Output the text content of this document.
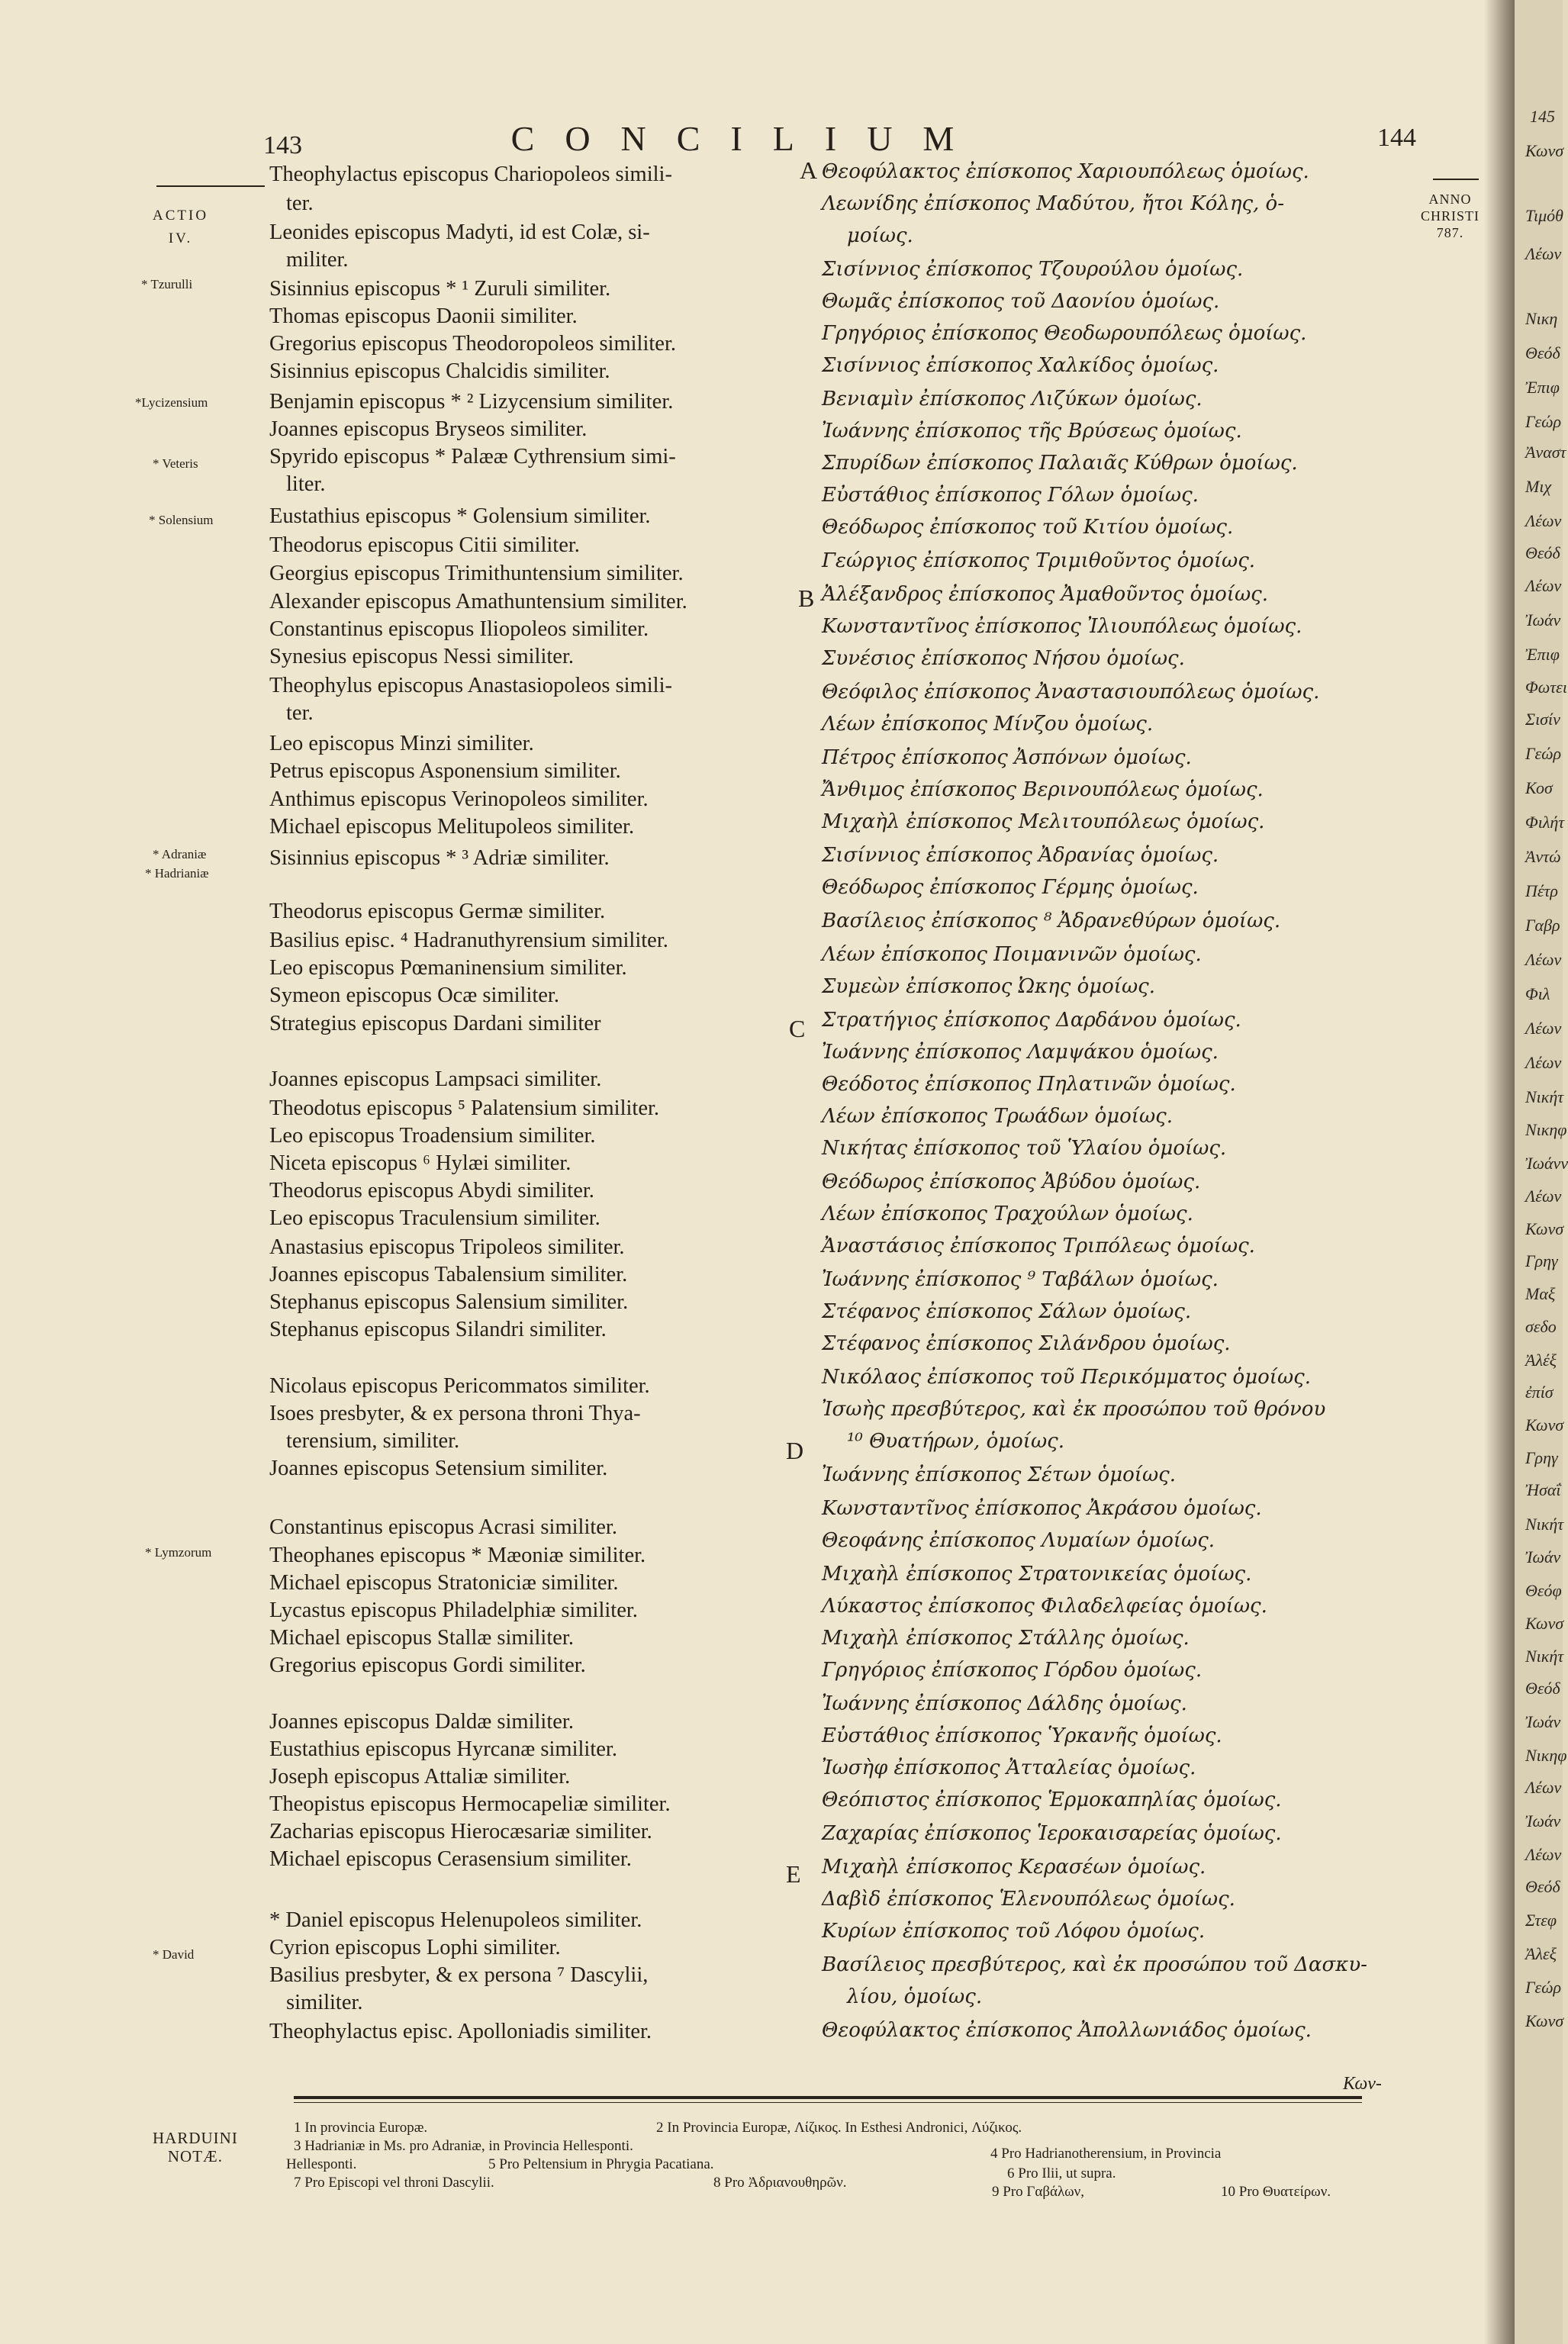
143	CONCILIUM	144
ACTIO
IV.
ANNO
CHRISTI
787.
* Tzurulli
*Lycizensium
* Veteris
* Solensium
* Adraniæ
* Hadrianiæ
* Lymzorum
* David
A
B
C
D
E
Theophylactus episcopus Chariopoleos simili-
ter.
Leonides episcopus Madyti, id est Colæ, si-
militer.
Sisinnius episcopus * ¹ Zuruli similiter.
Thomas episcopus Daonii similiter.
Gregorius episcopus Theodoropoleos similiter.
Sisinnius episcopus Chalcidis similiter.
Benjamin episcopus * ² Lizycensium similiter.
Joannes episcopus Bryseos similiter.
Spyrido episcopus * Palææ Cythrensium simi-
liter.
Eustathius episcopus * Golensium similiter.
Theodorus episcopus Citii similiter.
Georgius episcopus Trimithuntensium similiter.
Alexander episcopus Amathuntensium similiter.
Constantinus episcopus Iliopoleos similiter.
Synesius episcopus Nessi similiter.
Theophylus episcopus Anastasiopoleos simili-
ter.
Leo episcopus Minzi similiter.
Petrus episcopus Asponensium similiter.
Anthimus episcopus Verinopoleos similiter.
Michael episcopus Melitupoleos similiter.
Sisinnius episcopus * ³ Adriæ similiter.
Theodorus episcopus Germæ similiter.
Basilius episc. ⁴ Hadranuthyrensium similiter.
Leo episcopus Pœmaninensium similiter.
Symeon episcopus Ocæ similiter.
Strategius episcopus Dardani similiter
Joannes episcopus Lampsaci similiter.
Theodotus episcopus ⁵ Palatensium similiter.
Leo episcopus Troadensium similiter.
Niceta episcopus ⁶ Hylæi similiter.
Theodorus episcopus Abydi similiter.
Leo episcopus Traculensium similiter.
Anastasius episcopus Tripoleos similiter.
Joannes episcopus Tabalensium similiter.
Stephanus episcopus Salensium similiter.
Stephanus episcopus Silandri similiter.
Nicolaus episcopus Pericommatos similiter.
Isoes presbyter, & ex persona throni Thya-
terensium, similiter.
Joannes episcopus Setensium similiter.
Constantinus episcopus Acrasi similiter.
Theophanes episcopus * Mæoniæ similiter.
Michael episcopus Stratoniciæ similiter.
Lycastus episcopus Philadelphiæ similiter.
Michael episcopus Stallæ similiter.
Gregorius episcopus Gordi similiter.
Joannes episcopus Daldæ similiter.
Eustathius episcopus Hyrcanæ similiter.
Joseph episcopus Attaliæ similiter.
Theopistus episcopus Hermocapeliæ similiter.
Zacharias episcopus Hierocæsariæ similiter.
Michael episcopus Cerasensium similiter.
* Daniel episcopus Helenupoleos similiter.
Cyrion episcopus Lophi similiter.
Basilius presbyter, & ex persona ⁷ Dascylii,
similiter.
Theophylactus episc. Apolloniadis similiter.
Θεοφύλακτος ἐπίσκοπος Χαριουπόλεως ὁμοίως.
Λεωνίδης ἐπίσκοπος Μαδύτου, ἤτοι Κόλης, ὁ-
μοίως.
Σισίννιος ἐπίσκοπος Τζουρούλου ὁμοίως.
Θωμᾶς ἐπίσκοπος τοῦ Δαονίου ὁμοίως.
Γρηγόριος ἐπίσκοπος Θεοδωρουπόλεως ὁμοίως.
Σισίννιος ἐπίσκοπος Χαλκίδος ὁμοίως.
Βενιαμὶν ἐπίσκοπος Λιζύκων ὁμοίως.
Ἰωάννης ἐπίσκοπος τῆς Βρύσεως ὁμοίως.
Σπυρίδων ἐπίσκοπος Παλαιᾶς Κύθρων ὁμοίως.
Εὐστάθιος ἐπίσκοπος Γόλων ὁμοίως.
Θεόδωρος ἐπίσκοπος τοῦ Κιτίου ὁμοίως.
Γεώργιος ἐπίσκοπος Τριμιθοῦντος ὁμοίως.
Ἀλέξανδρος ἐπίσκοπος Ἀμαθοῦντος ὁμοίως.
Κωνσταντῖνος ἐπίσκοπος Ἰλιουπόλεως ὁμοίως.
Συνέσιος ἐπίσκοπος Νήσου ὁμοίως.
Θεόφιλος ἐπίσκοπος Ἀναστασιουπόλεως ὁμοίως.
Λέων ἐπίσκοπος Μίνζου ὁμοίως.
Πέτρος ἐπίσκοπος Ἀσπόνων ὁμοίως.
Ἄνθιμος ἐπίσκοπος Βερινουπόλεως ὁμοίως.
Μιχαὴλ ἐπίσκοπος Μελιτουπόλεως ὁμοίως.
Σισίννιος ἐπίσκοπος Ἀδρανίας ὁμοίως.
Θεόδωρος ἐπίσκοπος Γέρμης ὁμοίως.
Βασίλειος ἐπίσκοπος ⁸ Ἀδρανεθύρων ὁμοίως.
Λέων ἐπίσκοπος Ποιμανινῶν ὁμοίως.
Συμεὼν ἐπίσκοπος Ὠκης ὁμοίως.
Στρατήγιος ἐπίσκοπος Δαρδάνου ὁμοίως.
Ἰωάννης ἐπίσκοπος Λαμψάκου ὁμοίως.
Θεόδοτος ἐπίσκοπος Πηλατινῶν ὁμοίως.
Λέων ἐπίσκοπος Τρωάδων ὁμοίως.
Νικήτας ἐπίσκοπος τοῦ Ὑλαίου ὁμοίως.
Θεόδωρος ἐπίσκοπος Ἀβύδου ὁμοίως.
Λέων ἐπίσκοπος Τραχούλων ὁμοίως.
Ἀναστάσιος ἐπίσκοπος Τριπόλεως ὁμοίως.
Ἰωάννης ἐπίσκοπος ⁹ Ταβάλων ὁμοίως.
Στέφανος ἐπίσκοπος Σάλων ὁμοίως.
Στέφανος ἐπίσκοπος Σιλάνδρου ὁμοίως.
Νικόλαος ἐπίσκοπος τοῦ Περικόμματος ὁμοίως.
Ἰσωὴς πρεσβύτερος, καὶ ἐκ προσώπου τοῦ θρόνου
¹⁰ Θυατήρων, ὁμοίως.
Ἰωάννης ἐπίσκοπος Σέτων ὁμοίως.
Κωνσταντῖνος ἐπίσκοπος Ἀκράσου ὁμοίως.
Θεοφάνης ἐπίσκοπος Λυμαίων ὁμοίως.
Μιχαὴλ ἐπίσκοπος Στρατονικείας ὁμοίως.
Λύκαστος ἐπίσκοπος Φιλαδελφείας ὁμοίως.
Μιχαὴλ ἐπίσκοπος Στάλλης ὁμοίως.
Γρηγόριος ἐπίσκοπος Γόρδου ὁμοίως.
Ἰωάννης ἐπίσκοπος Δάλδης ὁμοίως.
Εὐστάθιος ἐπίσκοπος Ὑρκανῆς ὁμοίως.
Ἰωσὴφ ἐπίσκοπος Ἀτταλείας ὁμοίως.
Θεόπιστος ἐπίσκοπος Ἑρμοκαπηλίας ὁμοίως.
Ζαχαρίας ἐπίσκοπος Ἱεροκαισαρείας ὁμοίως.
Μιχαὴλ ἐπίσκοπος Κερασέων ὁμοίως.
Δαβὶδ ἐπίσκοπος Ἑλενουπόλεως ὁμοίως.
Κυρίων ἐπίσκοπος τοῦ Λόφου ὁμοίως.
Βασίλειος πρεσβύτερος, καὶ ἐκ προσώπου τοῦ Δασκυ-
λίου, ὁμοίως.
Θεοφύλακτος ἐπίσκοπος Ἀπολλωνιάδος ὁμοίως.
Κων-
HARDUINI
NOTÆ.
1 In provincia Europæ.	2 In Provincia Europæ, Λίζικος. In Esthesi Andronici, Λύζικος.
3 Hadrianiæ in Ms. pro Adraniæ, in Provincia Hellesponti.	4 Pro Hadrianotherensium, in Provincia
Hellesponti.	5 Pro Peltensium in Phrygia Pacatiana.
6 Pro Ilii, ut supra.
7 Pro Episcopi vel throni Dascylii.	8 Pro Ἀδριανουθηρῶν.
9 Pro Γαβάλων,	10 Pro Θυατείρων.
145
Κωνσ
Τιμόθ
Λέων
Νικη
Θεόδ
Ἐπιφ
Γεώρ
Ἀναστ
Μιχ
Λέων
Θεόδ
Λέων
Ἰωάν
Ἐπιφ
Φωτει
Σισίν
Γεώρ
Κοσ
Φιλήτ
Ἀντώ
Πέτρ
Γαβρ
Λέων
Φιλ
Λέων
Λέων
Νικήτ
Νικηφ
Ἰωάνν
Λέων
Κωνσ
Γρηγ
Μαξ
σεδο
Ἀλέξ
ἐπίσ
Κωνσ
Γρηγ
Ἠσαΐ
Νικήτ
Ἰωάν
Θεόφ
Κωνσ
Νικήτ
Θεόδ
Ἰωάν
Νικηφ
Λέων
Ἰωάν
Λέων
Θεόδ
Στεφ
Ἀλεξ
Γεώρ
Κωνσ
